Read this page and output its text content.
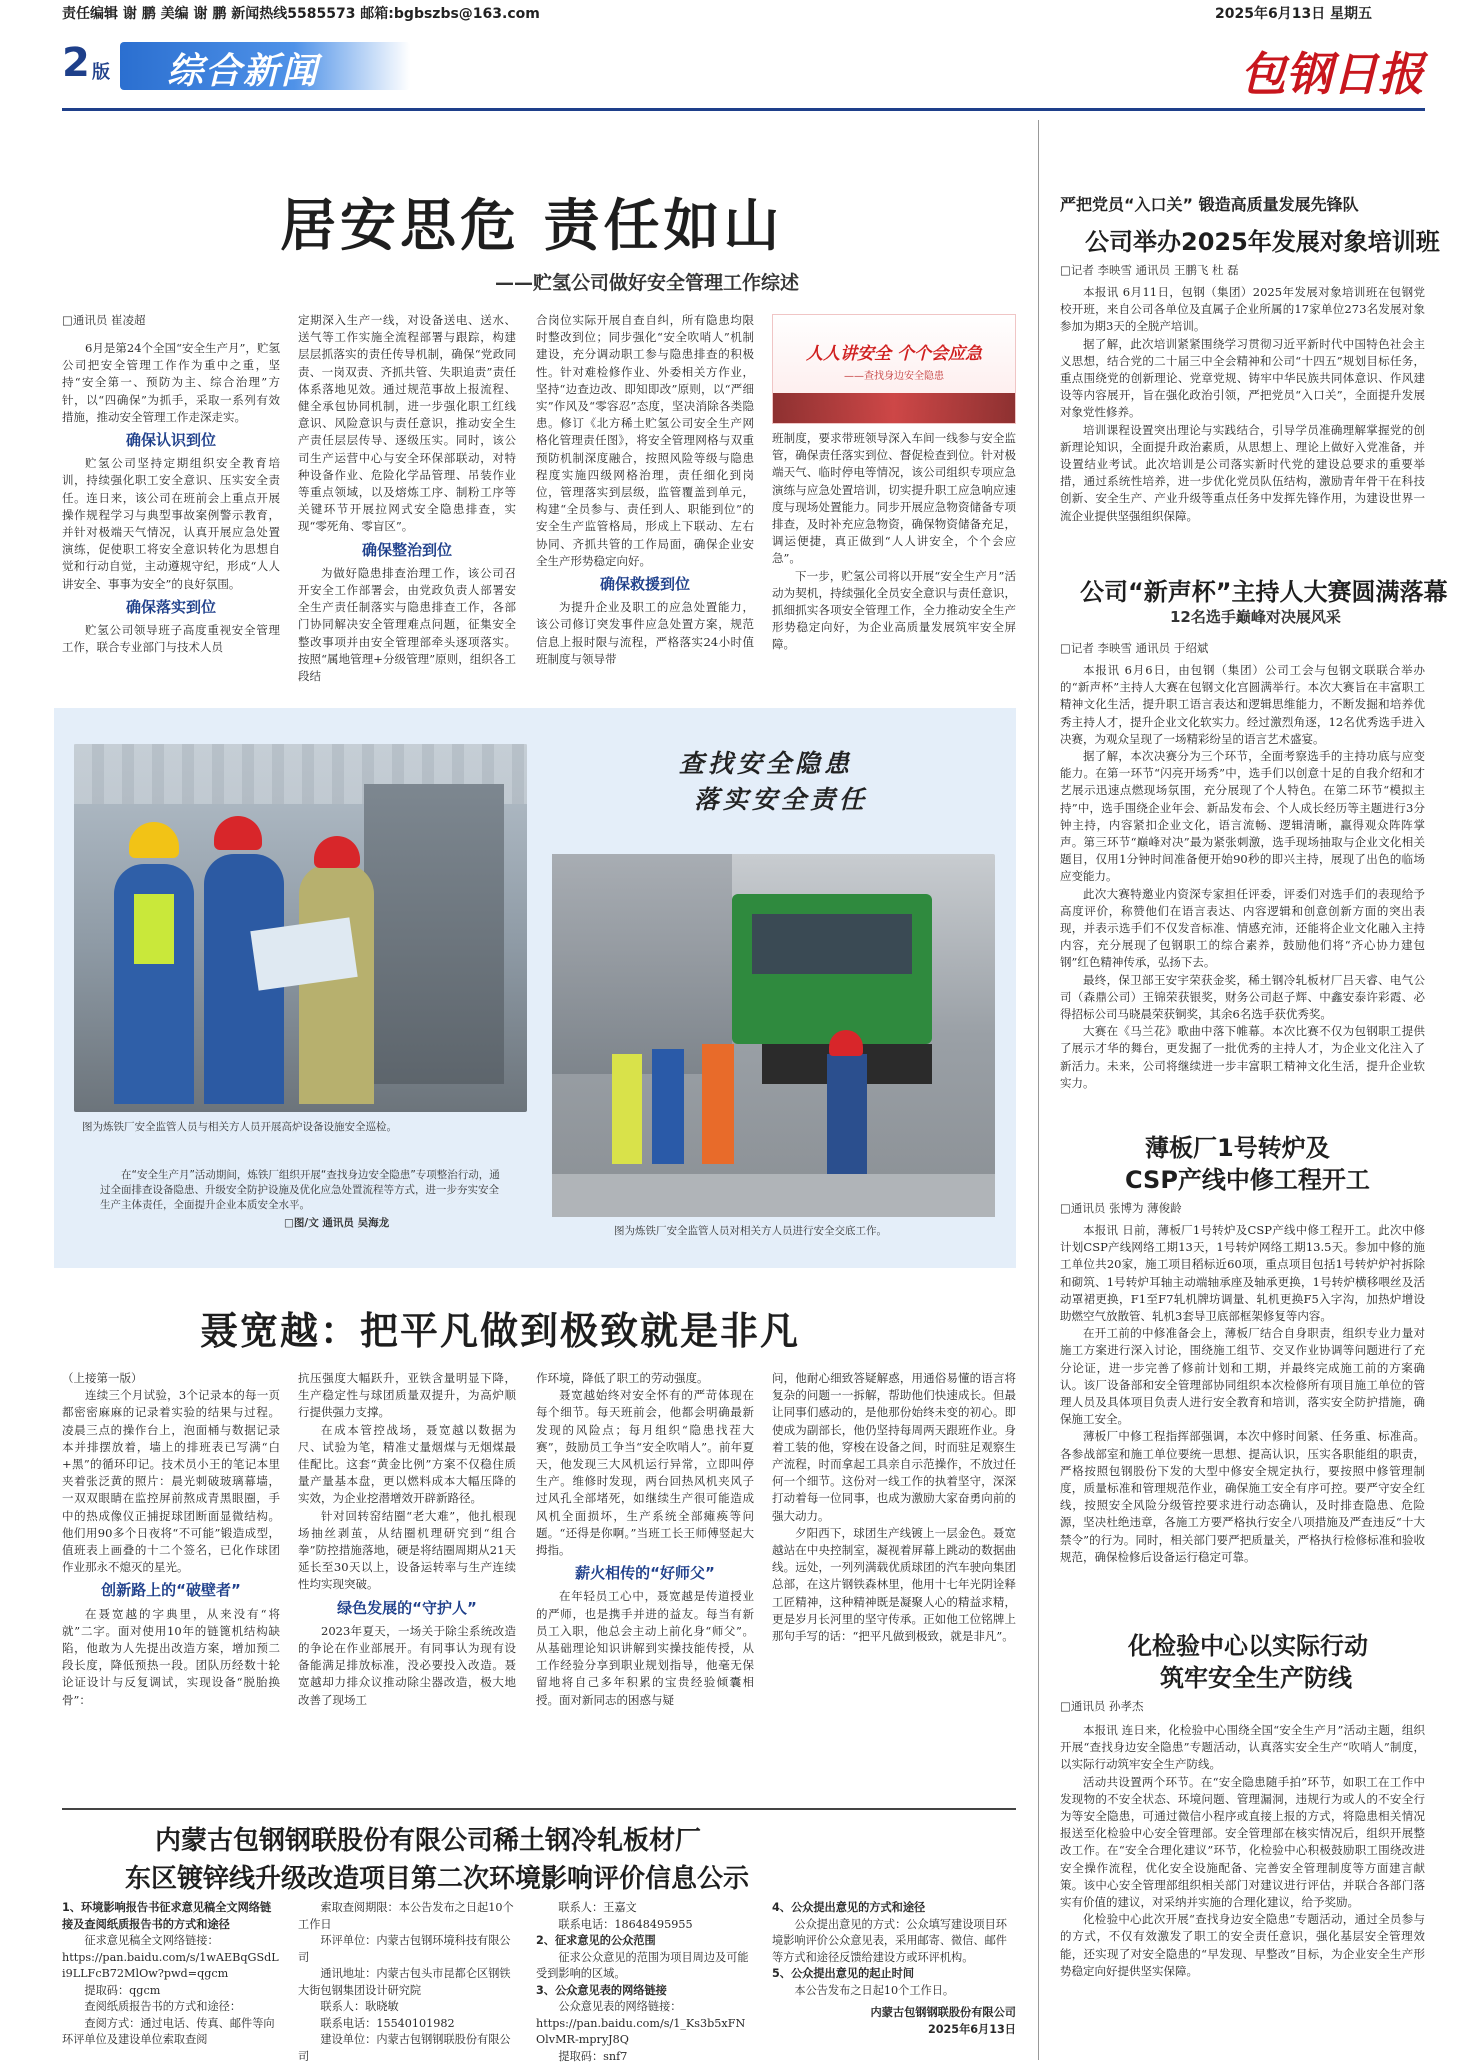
责任编辑 谢 鹏 美编 谢 鹏 新闻热线5585573 邮箱:bgbszbs@163.com	2025年6月13日 星期五
2 版 综合新闻	包钢日报
居安思危 责任如山
——贮氢公司做好安全管理工作综述
□通讯员 崔凌超

6月是第24个全国“安全生产月”，贮氢公司把安全管理工作作为重中之重，坚持“安全第一、预防为主、综合治理”方针，以“四确保”为抓手，采取一系列有效措施，推动安全管理工作走深走实。

确保认识到位

贮氢公司坚持定期组织安全教育培训，持续强化职工安全意识、压实安全责任。连日来，该公司在班前会上重点开展操作规程学习与典型事故案例警示教育，并针对极端天气情况，认真开展应急处置演练，促使职工将安全意识转化为思想自觉和行动自觉，主动遵规守纪，形成“人人讲安全、事事为安全”的良好氛围。

确保落实到位

贮氢公司领导班子高度重视安全管理工作，联合专业部门与技术人员

定期深入生产一线，对设备送电、送水、送气等工作实施全流程部署与跟踪，构建层层抓落实的责任传导机制，确保“党政同责、一岗双责、齐抓共管、失职追责”责任体系落地见效。通过规范事故上报流程、健全承包协同机制，进一步强化职工红线意识、风险意识与责任意识，推动安全生产责任层层传导、逐级压实。同时，该公司生产运营中心与安全环保部联动，对特种设备作业、危险化学品管理、吊装作业等重点领域，以及熔炼工序、制粉工序等关键环节开展拉网式安全隐患排查，实现“零死角、零盲区”。

确保整治到位

为做好隐患排查治理工作，该公司召开安全工作部署会，由党政负责人部署安全生产责任制落实与隐患排查工作，各部门协同解决安全管理难点问题，征集安全整改事项并由安全管理部牵头逐项落实。按照“属地管理+分级管理”原则，组织各工段结

合岗位实际开展自查自纠，所有隐患均限时整改到位；同步强化“安全吹哨人”机制建设，充分调动职工参与隐患排查的积极性。针对难检修作业、外委相关方作业，坚持“边查边改、即知即改”原则，以“严细实”作风及“零容忍”态度，坚决消除各类隐患。修订《北方稀土贮氢公司安全生产网格化管理责任图》，将安全管理网格与双重预防机制深度融合，按照风险等级与隐患程度实施四级网格治理，责任细化到岗位，管理落实到层级，监管覆盖到单元，构建“全员参与、责任到人、职能到位”的安全生产监管格局，形成上下联动、左右协同、齐抓共管的工作局面，确保企业安全生产形势稳定向好。

确保救援到位

为提升企业及职工的应急处置能力，该公司修订突发事件应急处置方案，规范信息上报时限与流程，严格落实24小时值班制度与领导带

人人讲安全 个个会应急
——查找身边安全隐患

班制度，要求带班领导深入车间一线参与安全监管，确保责任落实到位、督促检查到位。针对极端天气、临时停电等情况，该公司组织专项应急演练与应急处置培训，切实提升职工应急响应速度与现场处置能力。同步开展应急物资储备专项排查，及时补充应急物资，确保物资储备充足，调运便捷，真正做到“人人讲安全，个个会应急”。

下一步，贮氢公司将以开展“安全生产月”活动为契机，持续强化全员安全意识与责任意识，抓细抓实各项安全管理工作，全力推动安全生产形势稳定向好，为企业高质量发展筑牢安全屏障。

图为炼铁厂安全监管人员与相关方人员开展高炉设备设施安全巡检。
在“安全生产月”活动期间，炼铁厂组织开展“查找身边安全隐患”专项整治行动，通过全面排查设备隐患、升级安全防护设施及优化应急处置流程等方式，进一步夯实安全生产主体责任，全面提升企业本质安全水平。
□图/文 通讯员 吴海龙
查找安全隐患
落实安全责任
图为炼铁厂安全监管人员对相关方人员进行安全交底工作。
聂宽越：把平凡做到极致就是非凡

（上接第一版）

连续三个月试验，3个记录本的每一页都密密麻麻的记录着实验的结果与过程。凌晨三点的操作台上，泡面桶与数据记录本并排摆放着，墙上的排班表已写满“白+黑”的循环印记。技术员小王的笔记本里夹着张泛黄的照片：晨光刺破玻璃幕墙，一双双眼睛在监控屏前熬成青黑眼圈，手中的热成像仪正捕捉球团断面显微结构。他们用90多个日夜将“不可能”锻造成型，值班表上画叠的十二个签名，已化作球团作业那永不熄灭的星光。

创新路上的“破壁者”

在聂宽越的字典里，从来没有“将就”二字。面对使用10年的链篦机结构缺陷，他敢为人先提出改造方案，增加预二段长度，降低预热一段。团队历经数十轮论证设计与反复调试，实现设备“脱胎换骨”：

抗压强度大幅跃升，亚铁含量明显下降，生产稳定性与球团质量双提升，为高炉顺行提供强力支撑。

在成本管控战场，聂宽越以数据为尺、试验为笔，精准丈量烟煤与无烟煤最佳配比。这套“黄金比例”方案不仅稳住质量产量基本盘，更以燃料成本大幅压降的实效，为企业挖潜增效开辟新路径。

针对回转窑结圈“老大难”，他扎根现场抽丝剥茧，从结圈机理研究到“组合拳”防控措施落地，硬是将结圈周期从21天延长至30天以上，设备运转率与生产连续性均实现突破。

绿色发展的“守护人”

2023年夏天，一场关于除尘系统改造的争论在作业部展开。有同事认为现有设备能满足排放标准，没必要投入改造。聂宽越却力排众议推动除尘器改造，极大地改善了现场工

作环境，降低了职工的劳动强度。

聂宽越始终对安全怀有的严苛体现在每个细节。每天班前会，他都会明确最新发现的风险点；每月组织“隐患找茬大赛”，鼓励员工争当“安全吹哨人”。前年夏天，他发现三大风机运行异常，立即叫停生产。维修时发现，两台回热风机夹风子过风孔全部堵死，如继续生产很可能造成风机全面损坏，生产系统全部瘫痪等问题。“还得是你啊。”当班工长王师傅竖起大拇指。

薪火相传的“好师父”

在年轻员工心中，聂宽越是传道授业的严师，也是携手并进的益友。每当有新员工入职，他总会主动上前化身“师父”。从基础理论知识讲解到实操技能传授，从工作经验分享到职业规划指导，他毫无保留地将自己多年积累的宝贵经验倾囊相授。面对新同志的困惑与疑

问，他耐心细致答疑解惑，用通俗易懂的语言将复杂的问题一一拆解，帮助他们快速成长。但最让同事们感动的，是他那份始终未变的初心。即使成为副部长，他仍坚持每周两天跟班作业。身着工装的他，穿梭在设备之间，时而驻足观察生产流程，时而拿起工具亲自示范操作，不放过任何一个细节。这份对一线工作的执着坚守，深深打动着每一位同事，也成为激励大家奋勇向前的强大动力。

夕阳西下，球团生产线镀上一层金色。聂宽越站在中央控制室，凝视着屏幕上跳动的数据曲线。远处，一列列满载优质球团的汽车驶向集团总部，在这片钢铁森林里，他用十七年光阴诠释工匠精神，这种精神既是凝聚人心的精益求精，更是岁月长河里的坚守传承。正如他工位铭牌上那句手写的话：“把平凡做到极致，就是非凡”。

内蒙古包钢钢联股份有限公司稀土钢冷轧板材厂
东区镀锌线升级改造项目第二次环境影响评价信息公示
1、环境影响报告书征求意见稿全文网络链接及查阅纸质报告书的方式和途径
征求意见稿全文网络链接：
https://pan.baidu.com/s/1wAEBqGSdLi9LLFcB72MlOw?pwd=qgcm
提取码：qgcm
查阅纸质报告书的方式和途径：
查阅方式：通过电话、传真、邮件等向环评单位及建设单位索取查阅
索取查阅期限：本公告发布之日起10个工作日
环评单位：内蒙古包钢环境科技有限公司
通讯地址：内蒙古包头市昆都仑区钢铁大街包钢集团设计研究院
联系人：耿晓敏
联系电话：15540101982
建设单位：内蒙古包钢钢联股份有限公司
联系人：王嘉文
联系电话：18648495955
2、征求意见的公众范围
征求公众意见的范围为项目周边及可能受到影响的区域。
3、公众意见表的网络链接
公众意见表的网络链接：
https://pan.baidu.com/s/1_Ks3b5xFNOlvMR-mpryJ8Q
提取码：snf7
4、公众提出意见的方式和途径
公众提出意见的方式：公众填写建设项目环境影响评价公众意见表，采用邮寄、微信、邮件等方式和途径反馈给建设方或环评机构。
5、公众提出意见的起止时间
本公告发布之日起10个工作日。
内蒙古包钢钢联股份有限公司
2025年6月13日
严把党员“入口关” 锻造高质量发展先锋队
公司举办2025年发展对象培训班
□记者 李映雪 通讯员 王鹏飞 杜 磊

本报讯 6月11日，包钢（集团）2025年发展对象培训班在包钢党校开班，来自公司各单位及直属子企业所属的17家单位273名发展对象参加为期3天的全脱产培训。

据了解，此次培训紧紧围绕学习贯彻习近平新时代中国特色社会主义思想，结合党的二十届三中全会精神和公司“十四五”规划目标任务，重点围绕党的创新理论、党章党规、铸牢中华民族共同体意识、作风建设等内容展开，旨在强化政治引领，严把党员“入口关”，全面提升发展对象党性修养。

培训课程设置突出理论与实践结合，引导学员准确理解掌握党的创新理论知识，全面提升政治素质，从思想上、理论上做好入党准备，并设置结业考试。此次培训是公司落实新时代党的建设总要求的重要举措，通过系统性培养，进一步优化党员队伍结构，激励青年骨干在科技创新、安全生产、产业升级等重点任务中发挥先锋作用，为建设世界一流企业提供坚强组织保障。

公司“新声杯”主持人大赛圆满落幕
12名选手巅峰对决展风采
□记者 李映雪 通讯员 于绍斌

本报讯 6月6日，由包钢（集团）公司工会与包钢文联联合举办的“新声杯”主持人大赛在包钢文化宫圆满举行。本次大赛旨在丰富职工精神文化生活，提升职工语言表达和逻辑思维能力，不断发掘和培养优秀主持人才，提升企业文化软实力。经过激烈角逐，12名优秀选手进入决赛，为观众呈现了一场精彩纷呈的语言艺术盛宴。

据了解，本次决赛分为三个环节，全面考察选手的主持功底与应变能力。在第一环节“闪亮开场秀”中，选手们以创意十足的自我介绍和才艺展示迅速点燃现场氛围，充分展现了个人特色。在第二环节“模拟主持”中，选手围绕企业年会、新品发布会、个人成长经历等主题进行3分钟主持，内容紧扣企业文化，语言流畅、逻辑清晰，赢得观众阵阵掌声。第三环节“巅峰对决”最为紧张刺激，选手现场抽取与企业文化相关题目，仅用1分钟时间准备便开始90秒的即兴主持，展现了出色的临场应变能力。

此次大赛特邀业内资深专家担任评委，评委们对选手们的表现给予高度评价，称赞他们在语言表达、内容逻辑和创意创新方面的突出表现，并表示选手们不仅发音标准、情感充沛，还能将企业文化融入主持内容，充分展现了包钢职工的综合素养，鼓励他们将“齐心协力建包钢”红色精神传承，弘扬下去。

最终，保卫部王安宇荣获金奖，稀土钢冷轧板材厂吕天睿、电气公司（森鼎公司）王锦荣获银奖，财务公司赵子辉、中鑫安泰许彩霞、必得招标公司马晓晨荣获铜奖，其余6名选手获优秀奖。

大赛在《马兰花》歌曲中落下帷幕。本次比赛不仅为包钢职工提供了展示才华的舞台，更发掘了一批优秀的主持人才，为企业文化注入了新活力。未来，公司将继续进一步丰富职工精神文化生活，提升企业软实力。

薄板厂1号转炉及
CSP产线中修工程开工
□通讯员 张博为 薄俊龄

本报讯 日前，薄板厂1号转炉及CSP产线中修工程开工。此次中修计划CSP产线网络工期13天，1号转炉网络工期13.5天。参加中修的施工单位共20家，施工项目稻标近60项，重点项目包括1号转炉炉衬拆除和砌筑、1号转炉耳轴主动端轴承座及轴承更换，1号转炉横移喂丝及活动罩裙更换，F1至F7轧机牌坊调量、轧机更换F5入字沟，加热炉增设助燃空气放散管、轧机3套导卫底部框架修复等内容。

在开工前的中修准备会上，薄板厂结合自身职责，组织专业力量对施工方案进行深入讨论，围绕施工组节、交叉作业协调等问题进行了充分论证，进一步完善了修前计划和工期，并最终完成施工前的方案确认。该厂设备部和安全管理部协同组织本次检修所有项目施工单位的管理人员及具体项目负责人进行安全教育和培训，落实安全防护措施，确保施工安全。

薄板厂中修工程指挥部强调，本次中修时间紧、任务重、标准高。各参战部室和施工单位要统一思想、提高认识，压实各职能组的职责，严格按照包钢股份下发的大型中修安全规定执行，要按照中修管理制度，质量标准和管理规范作业，确保施工安全有序可控。要严守安全红线，按照安全风险分级管控要求进行动态确认，及时排查隐患、危险源，坚决杜绝违章，各施工方要严格执行安全八项措施及严查违反“十大禁令”的行为。同时，相关部门要严把质量关，严格执行检修标准和验收规范，确保检修后设备运行稳定可靠。

化检验中心以实际行动
筑牢安全生产防线
□通讯员 孙孝杰

本报讯 连日来，化检验中心围绕全国“安全生产月”活动主题，组织开展“查找身边安全隐患”专题活动，认真落实安全生产“吹哨人”制度，以实际行动筑牢安全生产防线。

活动共设置两个环节。在“安全隐患随手拍”环节，如职工在工作中发现物的不安全状态、环境问题、管理漏洞，违规行为或人的不安全行为等安全隐患，可通过微信小程序或直接上报的方式，将隐患相关情况报送至化检验中心安全管理部。安全管理部在核实情况后，组织开展整改工作。在“安全合理化建议”环节，化检验中心积极鼓励职工围绕改进安全操作流程，优化安全设施配备、完善安全管理制度等方面建言献策。该中心安全管理部组织相关部门对建议进行评估，并联合各部门落实有价值的建议，对采纳并实施的合理化建议，给予奖励。

化检验中心此次开展“查找身边安全隐患”专题活动，通过全员参与的方式，不仅有效激发了职工的安全责任意识，强化基层安全管理效能，还实现了对安全隐患的“早发现、早整改”目标，为企业安全生产形势稳定向好提供坚实保障。
